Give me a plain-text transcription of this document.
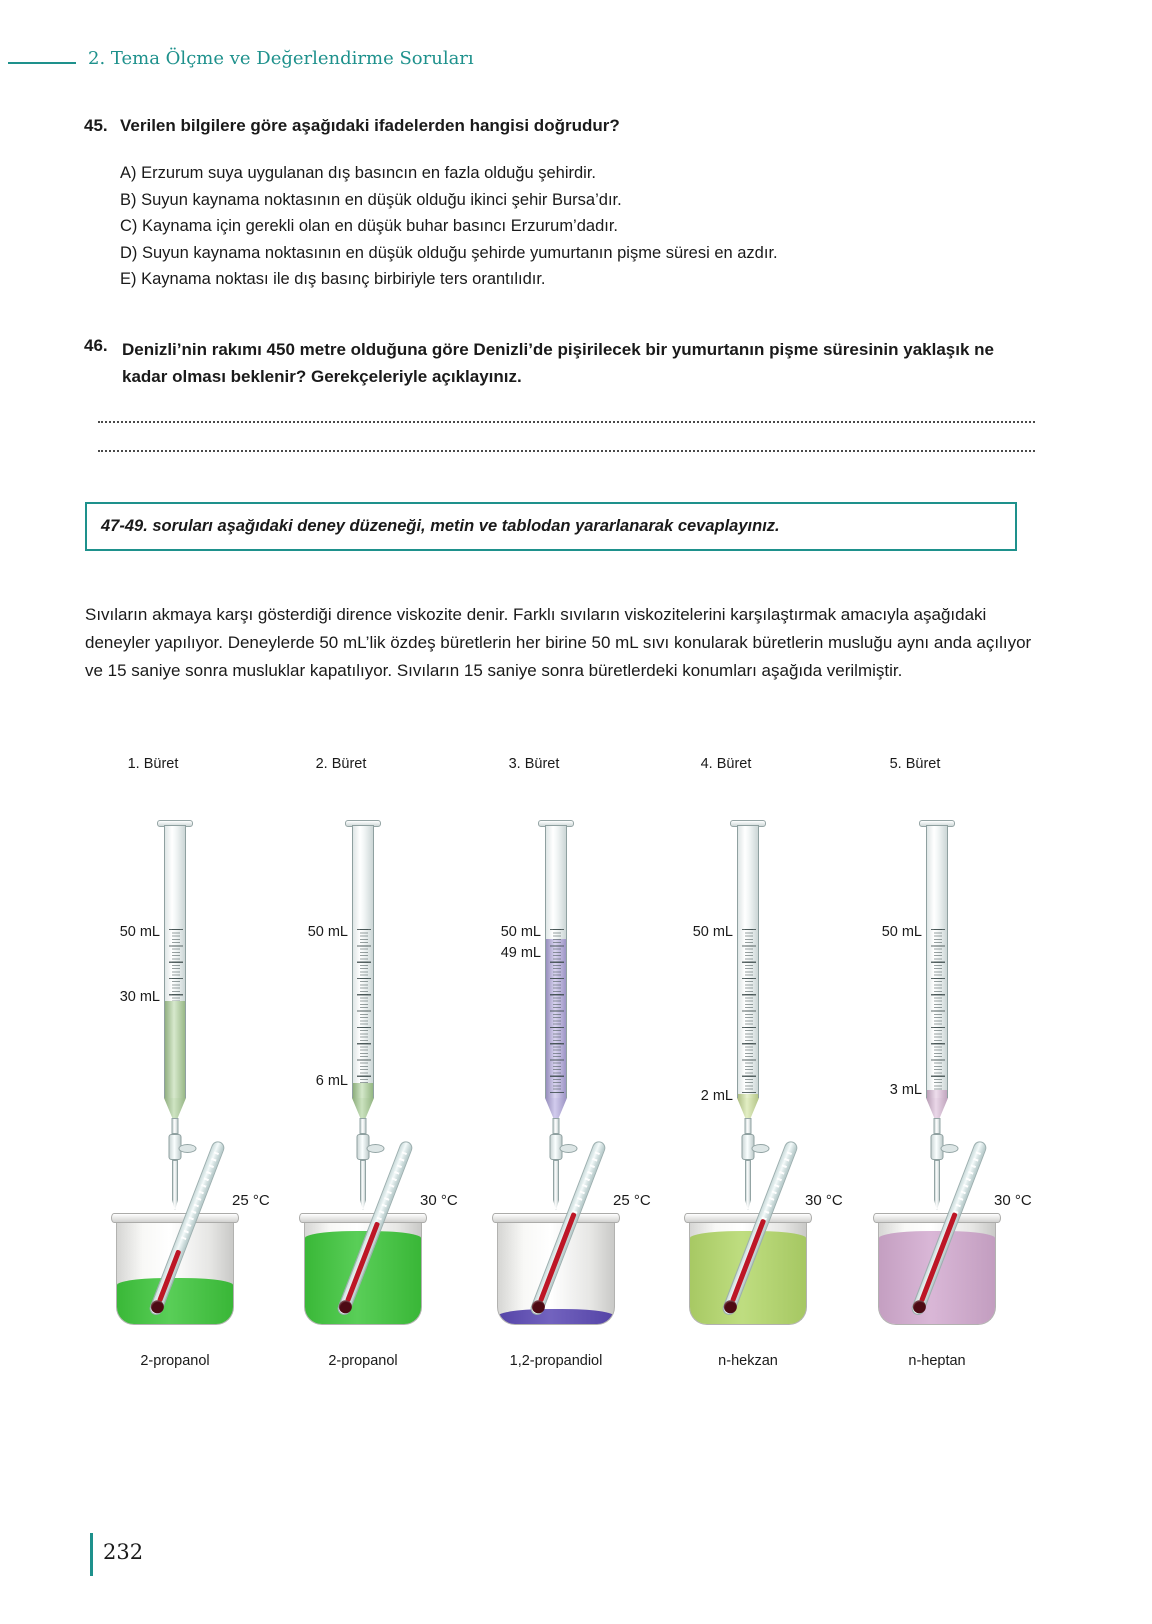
2. Tema Ölçme ve Değerlendirme Soruları
45. Verilen bilgilere göre aşağıdaki ifadelerden hangisi doğrudur?
A) Erzurum suya uygulanan dış basıncın en fazla olduğu şehirdir.
B) Suyun kaynama noktasının en düşük olduğu ikinci şehir Bursa’dır.
C) Kaynama için gerekli olan en düşük buhar basıncı Erzurum’dadır.
D) Suyun kaynama noktasının en düşük olduğu şehirde yumurtanın pişme süresi en azdır.
E) Kaynama noktası ile dış basınç birbiriyle ters orantılıdır.
46. Denizli’nin rakımı 450 metre olduğuna göre Denizli’de pişirilecek bir yumurtanın pişme süresinin yaklaşık ne kadar olması beklenir? Gerekçeleriyle açıklayınız.
47-49. soruları aşağıdaki deney düzeneği, metin ve tablodan yararlanarak cevaplayınız.
Sıvıların akmaya karşı gösterdiği dirence viskozite denir. Farklı sıvıların viskozitelerini karşılaştırmak amacıyla aşağıdaki deneyler yapılıyor. Deneylerde 50 mL’lik özdeş büretlerin her birine 50 mL sıvı konularak büretlerin musluğu aynı anda açılıyor ve 15 saniye sonra musluklar kapatılıyor. Sıvıların 15 saniye sonra büretlerdeki konumları aşağıda verilmiştir.
1. Büret
50 mL
30 mL
25 °C
2-propanol
2. Büret
50 mL
6 mL
30 °C
2-propanol
3. Büret
50 mL
49 mL
25 °C
1,2-propandiol
4. Büret
50 mL
2 mL
30 °C
n-hekzan
5. Büret
50 mL
3 mL
30 °C
n-heptan
232
